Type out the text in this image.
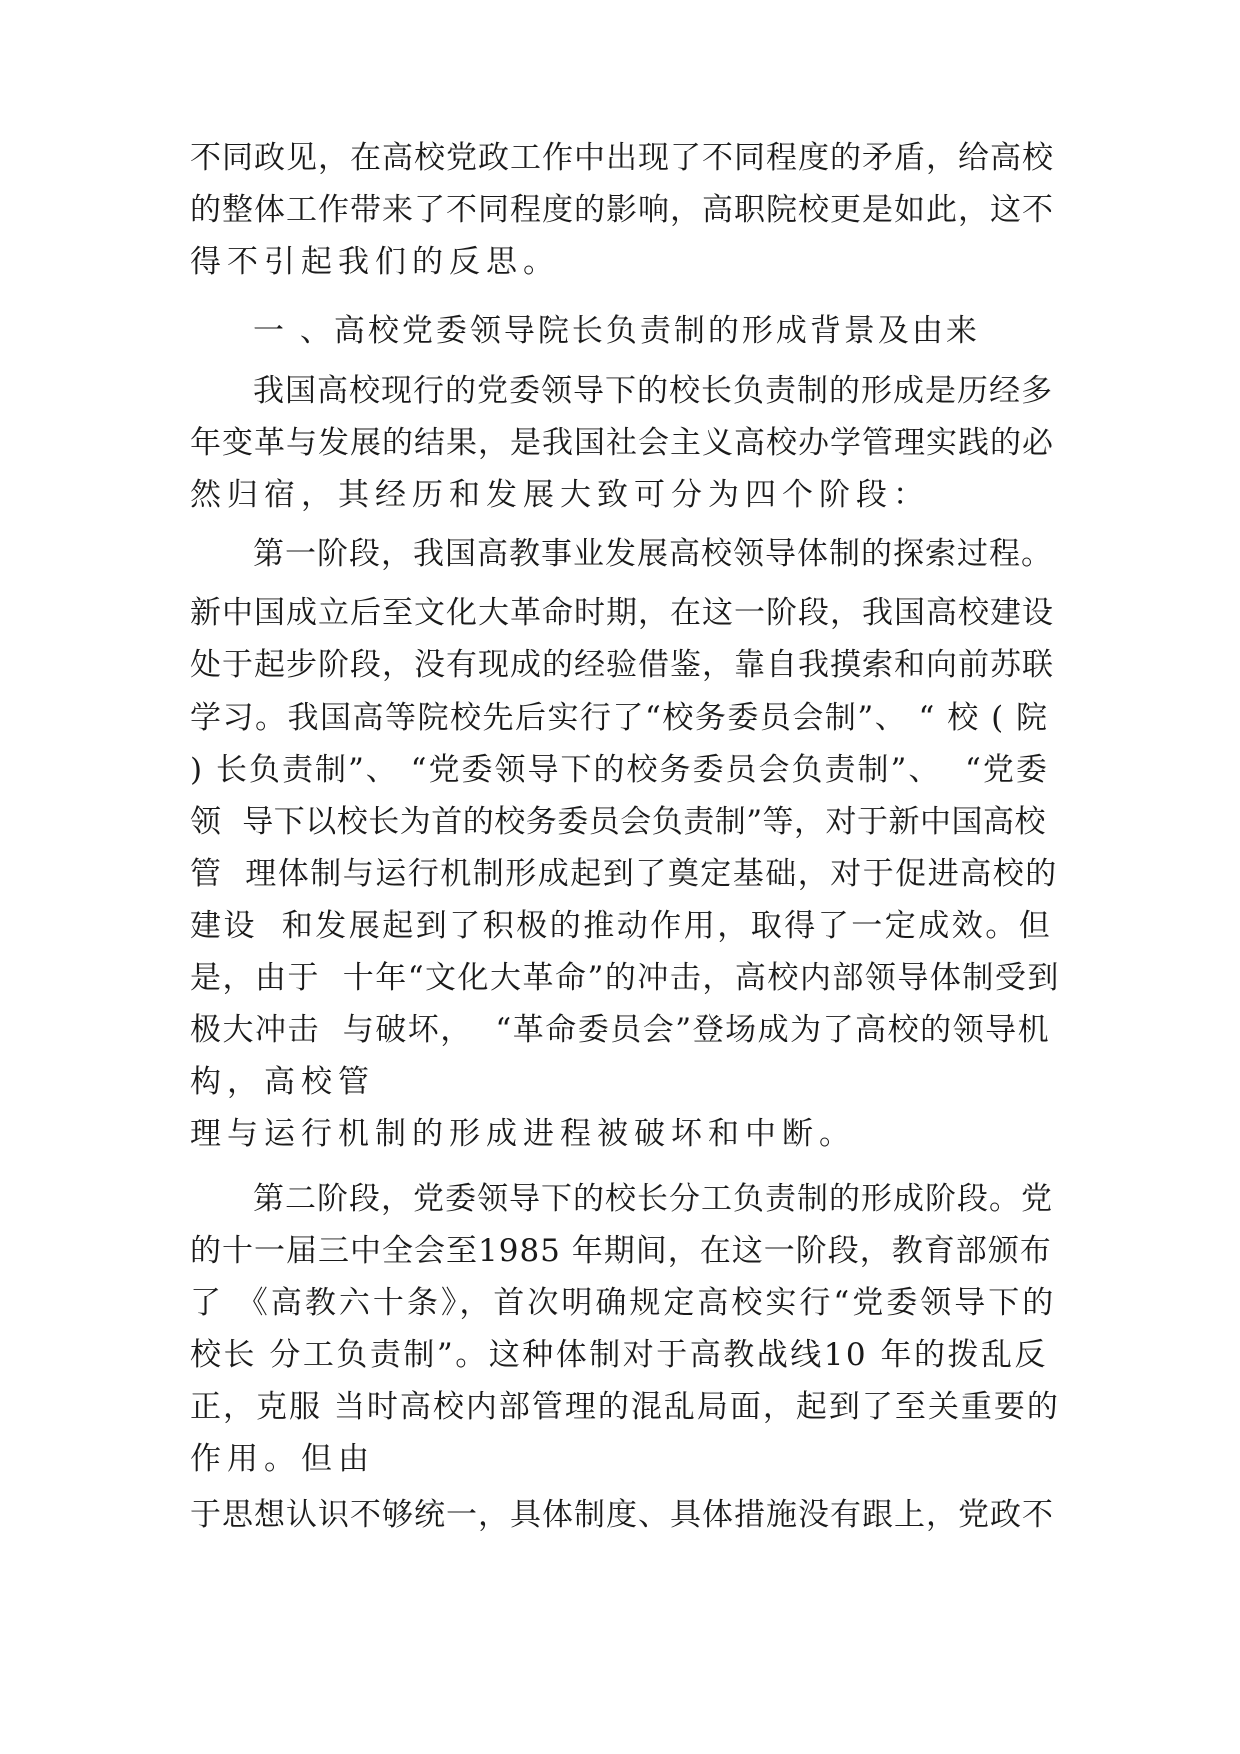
不同政见，在高校党政工作中出现了不同程度的矛盾，给高校
的整体工作带来了不同程度的影响，高职院校更是如此，这不
得不引起我们的反思。
一 、高校党委领导院长负责制的形成背景及由来
我国高校现行的党委领导下的校长负责制的形成是历经多
年变革与发展的结果，是我国社会主义高校办学管理实践的必
然归宿，其经历和发展大致可分为四个阶段：
第一阶段，我国高教事业发展高校领导体制的探索过程。
新中国成立后至文化大革命时期，在这一阶段，我国高校建设
处于起步阶段，没有现成的经验借鉴，靠自我摸索和向前苏联
学习。我国高等院校先后实行了“校务委员会制”、 “ 校 ( 院
) 长负责制”、 “党委领导下的校务委员会负责制”、  “党委
领  导下以校长为首的校务委员会负责制”等，对于新中国高校
管  理体制与运行机制形成起到了奠定基础，对于促进高校的
建设  和发展起到了积极的推动作用，取得了一定成效。但
是，由于  十年“文化大革命”的冲击，高校内部领导体制受到
极大冲击  与破坏，  “革命委员会”登场成为了高校的领导机
构，高校管
理与运行机制的形成进程被破坏和中断。
第二阶段，党委领导下的校长分工负责制的形成阶段。党
的十一届三中全会至1985 年期间，在这一阶段，教育部颁布
了 《高教六十条》，首次明确规定高校实行“党委领导下的
校长 分工负责制”。这种体制对于高教战线10 年的拨乱反
正，克服 当时高校内部管理的混乱局面，起到了至关重要的
作用。但由
于思想认识不够统一，具体制度、具体措施没有跟上，党政不
